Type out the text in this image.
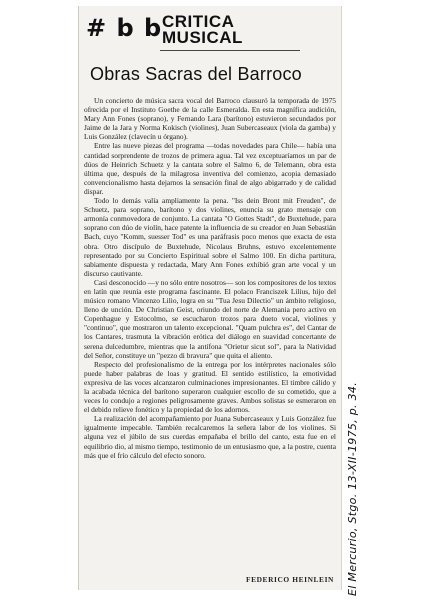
# b b CRITICA
MUSICAL
Obras Sacras del Barroco

Un concierto de música sacra vocal del Barroco clausuró la temporada de 1975 ofrecida por el Instituto Goethe de la calle Esmeralda. En esta magnífica audición, Mary Ann Fones (soprano), y Fernando Lara (barítono) estuvieron secundados por Jaime de la Jara y Norma Kokisch (violines), Juan Subercaseaux (viola da gamba) y Luis González (clavecín u órgano).

Entre las nueve piezas del programa —todas novedades para Chile— había una cantidad sorprendente de trozos de primera agua. Tal vez exceptuaríamos un par de dúos de Heinrich Schuetz y la cantata sobre el Salmo 6, de Telemann, obra esta última que, después de la milagrosa inventiva del comienzo, acopia demasiado convencionalismo hasta dejarnos la sensación final de algo abigarrado y de calidad dispar.

Todo lo demás valía ampliamente la pena. "Iss dein Bront mit Freuden", de Schuetz, para soprano, barítono y dos violines, enuncia su grato mensaje con armonía conmovedora de conjunto. La cantata "O Gottes Stadt", de Buxtehude, para soprano con dúo de violín, hace patente la influencia de su creador en Juan Sebastián Bach, cuyo "Komm, suesser Tod" es una paráfrasis poco menos que exacta de esta obra. Otro discípulo de Buxtehude, Nicolaus Bruhns, estuvo excelentemente representado por su Concierto Espiritual sobre el Salmo 100. En dicha partitura, sabiamente dispuesta y redactada, Mary Ann Fones exhibió gran arte vocal y un discurso cautivante.

Casi desconocido —y no sólo entre nosotros— son los compositores de los textos en latín que reunía este programa fascinante. El polaco Franciszek Lilius, hijo del músico romano Vincenzo Lilio, logra en su "Tua Jesu Dilectio" un ámbito religioso, lleno de unción. De Christian Geist, oriundo del norte de Alemania pero activo en Copenhague y Estocolmo, se escucharon trozos para dueto vocal, violines y "continuo", que mostraron un talento excepcional. "Quam pulchra es", del Cantar de los Cantares, trasmuta la vibración erótica del diálogo en suavidad concertante de serena dulcedumbre, mientras que la antífona "Orietur sicut sol", para la Natividad del Señor, constituye un "pezzo di bravura" que quita el aliento.

Respecto del profesionalismo de la entrega por los intérpretes nacionales sólo puede haber palabras de loas y gratitud. El sentido estilístico, la emotividad expresiva de las voces alcanzaron culminaciones impresionantes. El timbre cálido y la acabada técnica del barítono superaron cualquier escollo de su cometido, que a veces lo condujo a regiones peligrosamente graves. Ambos solistas se esmeraron en el debido relieve fonético y la propiedad de los adornos.

La realización del acompañamiento por Juana Subercaseaux y Luis González fue igualmente impecable. También recalcaremos la señera labor de los violines. Si alguna vez el júbilo de sus cuerdas empañaba el brillo del canto, esta fue en el equilibrio dio, al mismo tiempo, testimonio de un entusiasmo que, a la postre, cuenta más que el frío cálculo del efecto sonoro.

FEDERICO HEINLEIN El Mercurio, Stgo. 13-XII-1975, p. 34.
